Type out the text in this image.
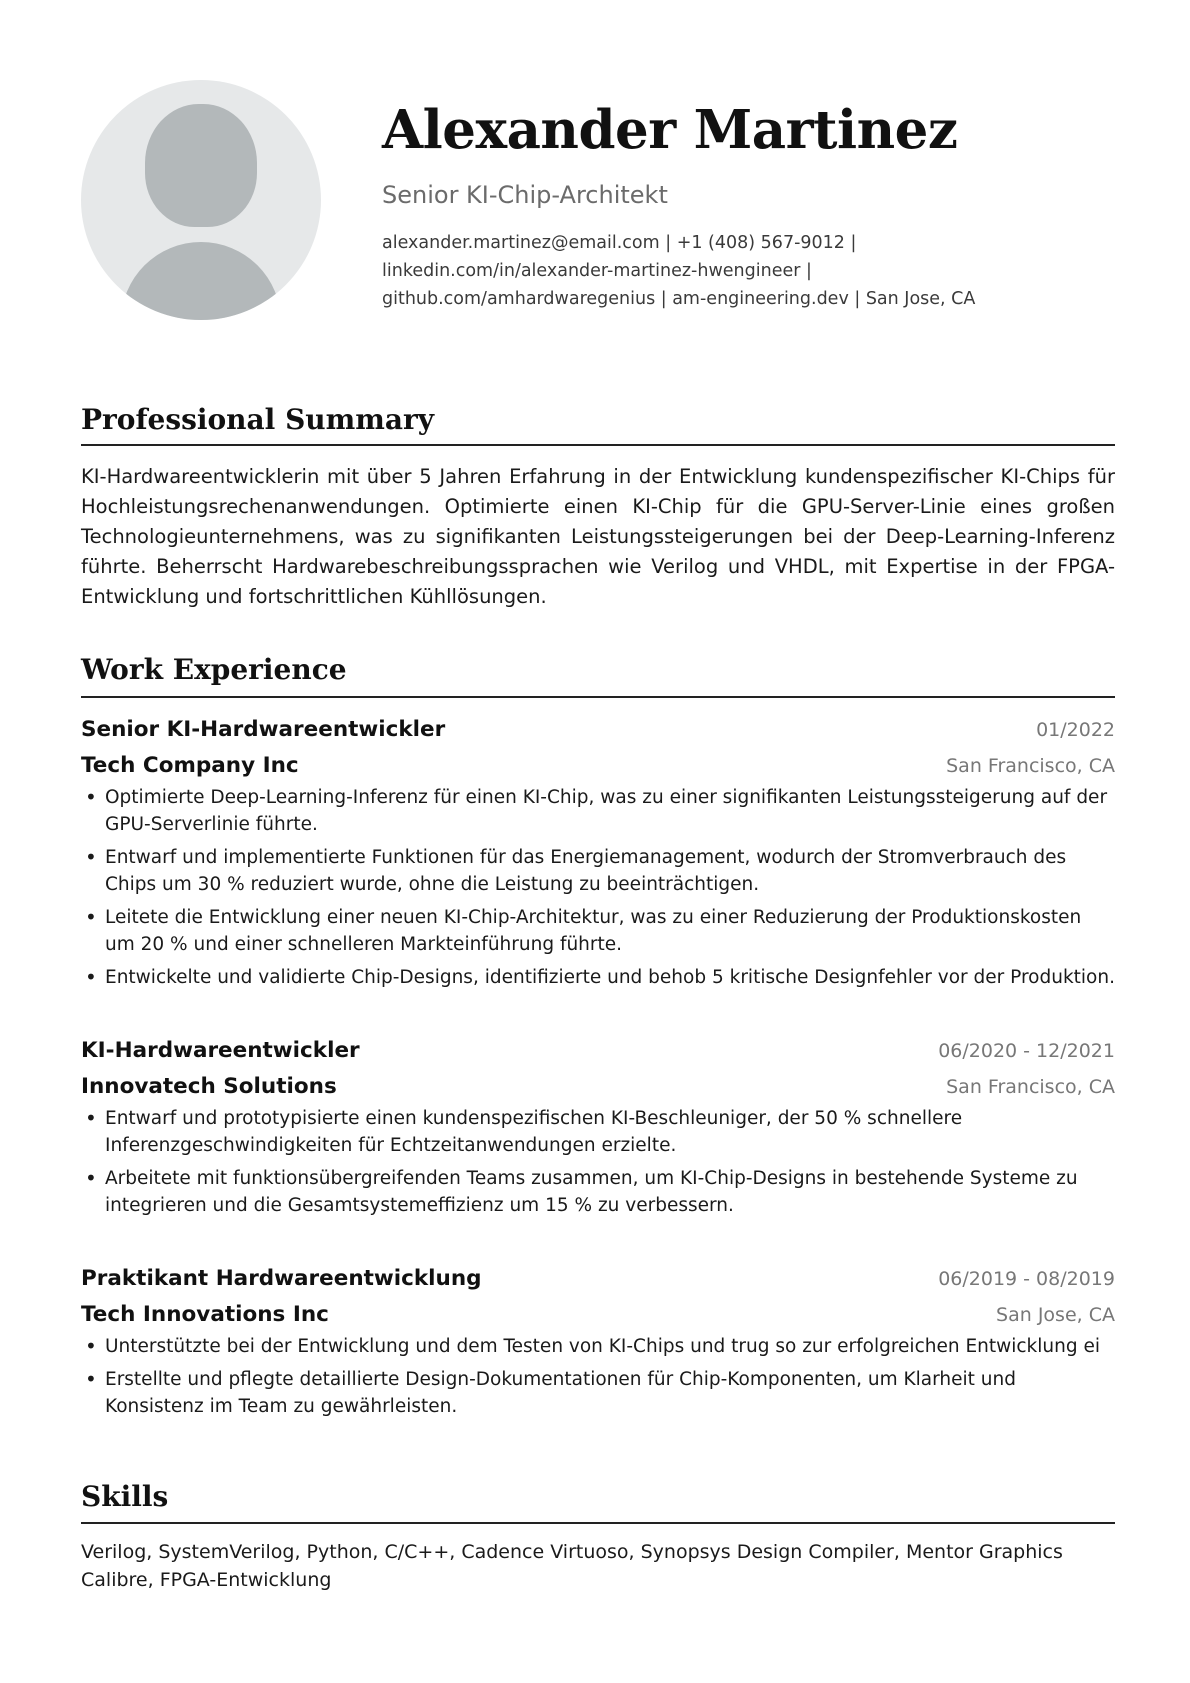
Alexander Martinez
Senior KI-Chip-Architekt
alexander.martinez@email.com | +1 (408) 567-9012 | linkedin.com/in/alexander-martinez-hwengineer | github.com/amhardwaregenius | am-engineering.dev | San Jose, CA
Professional Summary
KI-Hardwareentwicklerin mit über 5 Jahren Erfahrung in der Entwicklung kundenspezifischer KI-Chips für Hochleistungsrechenanwendungen. Optimierte einen KI-Chip für die GPU-Server-Linie eines großen Technologieunternehmens, was zu signifikanten Leistungssteigerungen bei der Deep-Learning-Inferenz führte. Beherrscht Hardwarebeschreibungssprachen wie Verilog und VHDL, mit Expertise in der FPGA-Entwicklung und fortschrittlichen Kühllösungen.
Work Experience
Senior KI-Hardwareentwickler	01/2022
Tech Company Inc	San Francisco, CA
• Optimierte Deep-Learning-Inferenz für einen KI-Chip, was zu einer signifikanten Leistungssteigerung auf der GPU-Serverlinie führte.
• Entwarf und implementierte Funktionen für das Energiemanagement, wodurch der Stromverbrauch des Chips um 30 % reduziert wurde, ohne die Leistung zu beeinträchtigen.
• Leitete die Entwicklung einer neuen KI-Chip-Architektur, was zu einer Reduzierung der Produktionskosten um 20 % und einer schnelleren Markteinführung führte.
• Entwickelte und validierte Chip-Designs, identifizierte und behob 5 kritische Designfehler vor der Produktion.
KI-Hardwareentwickler	06/2020 - 12/2021
Innovatech Solutions	San Francisco, CA
• Entwarf und prototypisierte einen kundenspezifischen KI-Beschleuniger, der 50 % schnellere Inferenzgeschwindigkeiten für Echtzeitanwendungen erzielte.
• Arbeitete mit funktionsübergreifenden Teams zusammen, um KI-Chip-Designs in bestehende Systeme zu integrieren und die Gesamtsystemeffizienz um 15 % zu verbessern.
Praktikant Hardwareentwicklung	06/2019 - 08/2019
Tech Innovations Inc	San Jose, CA
• Unterstützte bei der Entwicklung und dem Testen von KI-Chips und trug so zur erfolgreichen Entwicklung ei
• Erstellte und pflegte detaillierte Design-Dokumentationen für Chip-Komponenten, um Klarheit und Konsistenz im Team zu gewährleisten.
Skills
Verilog, SystemVerilog, Python, C/C++, Cadence Virtuoso, Synopsys Design Compiler, Mentor Graphics Calibre, FPGA-Entwicklung
